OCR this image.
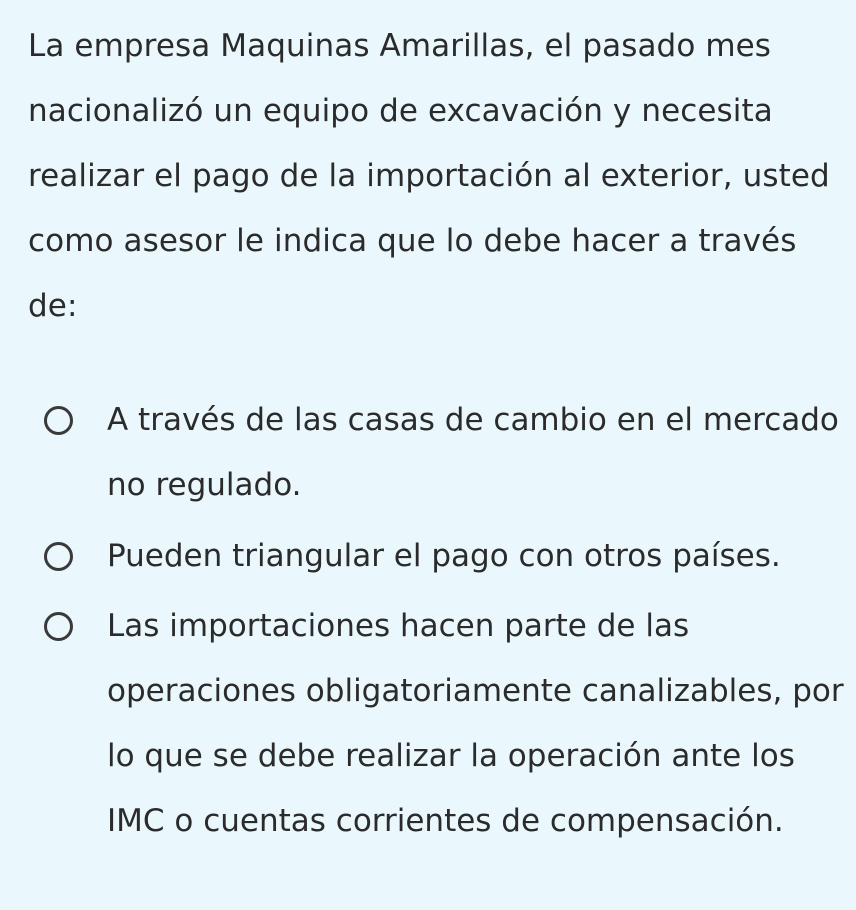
La empresa Maquinas Amarillas, el pasado mes nacionalizó un equipo de excavación y necesita realizar el pago de la importación al exterior, usted como asesor le indica que lo debe hacer a través de:

A través de las casas de cambio en el mercado no regulado.

Pueden triangular el pago con otros países.

Las importaciones hacen parte de las operaciones obligatoriamente canalizables, por lo que se debe realizar la operación ante los IMC o cuentas corrientes de compensación.
